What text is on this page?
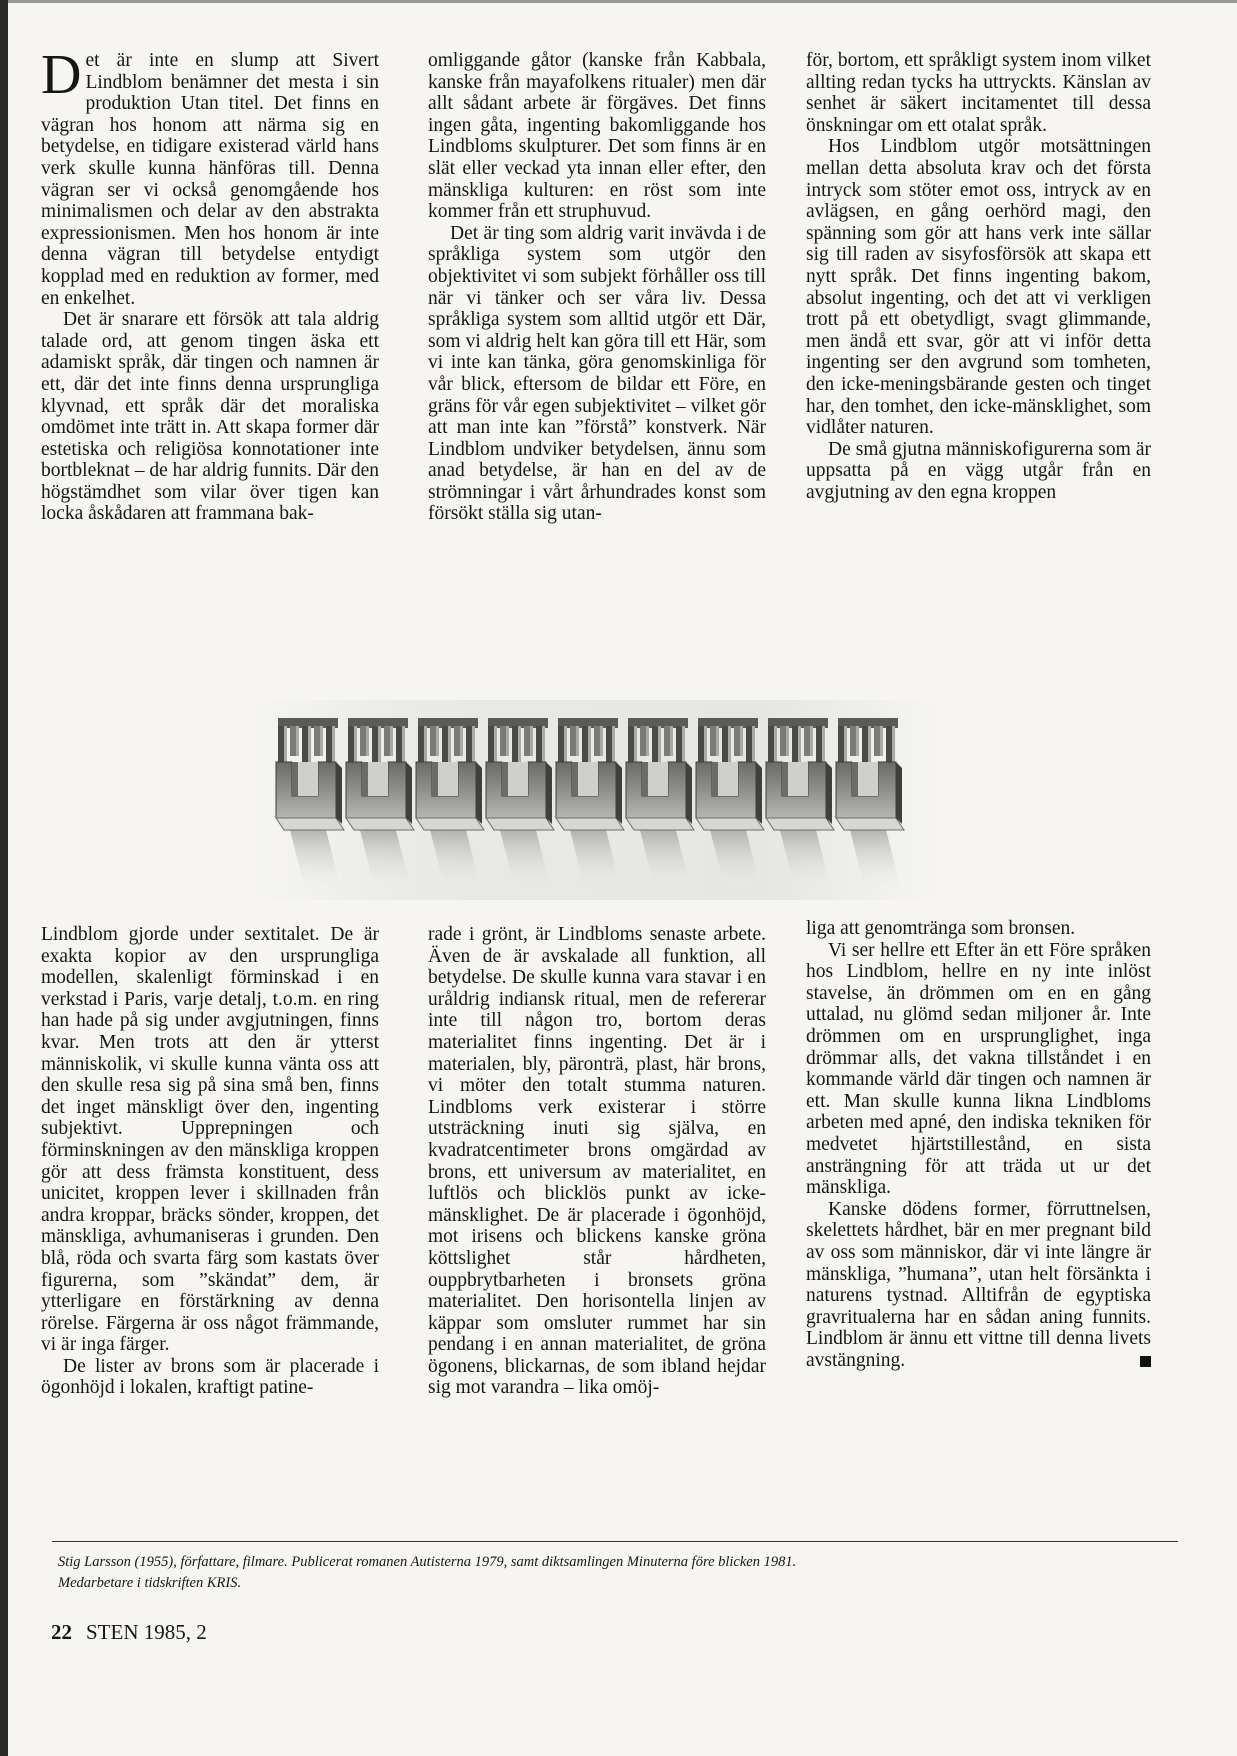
Det är inte en slump att Sivert Lindblom benämner det mesta i sin produktion Utan titel. Det finns en vägran hos honom att närma sig en betydelse, en tidigare existerad värld hans verk skulle kunna hänföras till. Denna vägran ser vi också genomgående hos minimalismen och delar av den abstrakta expressionismen. Men hos honom är inte denna vägran till betydelse entydigt kopplad med en reduktion av former, med en enkelhet.

Det är snarare ett försök att tala aldrig talade ord, att genom tingen äska ett adamiskt språk, där tingen och namnen är ett, där det inte finns denna ursprungliga klyvnad, ett språk där det moraliska omdömet inte trätt in. Att skapa former där estetiska och religiösa konnotationer inte bortbleknat – de har aldrig funnits. Där den högstämdhet som vilar över tigen kan locka åskådaren att frammana bak-

omliggande gåtor (kanske från Kabbala, kanske från mayafolkens ritualer) men där allt sådant arbete är förgäves. Det finns ingen gåta, ingenting bakomliggande hos Lindbloms skulpturer. Det som finns är en slät eller veckad yta innan eller efter, den mänskliga kulturen: en röst som inte kommer från ett struphuvud.

Det är ting som aldrig varit invävda i de språkliga system som utgör den objektivitet vi som subjekt förhåller oss till när vi tänker och ser våra liv. Dessa språkliga system som alltid utgör ett Där, som vi aldrig helt kan göra till ett Här, som vi inte kan tänka, göra genomskinliga för vår blick, eftersom de bildar ett Före, en gräns för vår egen subjektivitet – vilket gör att man inte kan ”förstå” konstverk. När Lindblom undviker betydelsen, ännu som anad betydelse, är han en del av de strömningar i vårt århundrades konst som försökt ställa sig utan-

för, bortom, ett språkligt system inom vilket allting redan tycks ha uttryckts. Känslan av senhet är säkert incitamentet till dessa önskningar om ett otalat språk.

Hos Lindblom utgör motsättningen mellan detta absoluta krav och det första intryck som stöter emot oss, intryck av en avlägsen, en gång oerhörd magi, den spänning som gör att hans verk inte sällar sig till raden av sisyfosförsök att skapa ett nytt språk. Det finns ingenting bakom, absolut ingenting, och det att vi verkligen trott på ett obetydligt, svagt glimmande, men ändå ett svar, gör att vi inför detta ingenting ser den avgrund som tomheten, den icke-meningsbärande gesten och tinget har, den tomhet, den icke-mänsklighet, som vidlåter naturen.

De små gjutna människofigurerna som är uppsatta på en vägg utgår från en avgjutning av den egna kroppen

Lindblom gjorde under sextitalet. De är exakta kopior av den ursprungliga modellen, skalenligt förminskad i en verkstad i Paris, varje detalj, t.o.m. en ring han hade på sig under avgjutningen, finns kvar. Men trots att den är ytterst människolik, vi skulle kunna vänta oss att den skulle resa sig på sina små ben, finns det inget mänskligt över den, ingenting subjektivt. Upprepningen och förminskningen av den mänskliga kroppen gör att dess främsta konstituent, dess unicitet, kroppen lever i skillnaden från andra kroppar, bräcks sönder, kroppen, det mänskliga, avhumaniseras i grunden. Den blå, röda och svarta färg som kastats över figurerna, som ”skändat” dem, är ytterligare en förstärkning av denna rörelse. Färgerna är oss något främmande, vi är inga färger.

De lister av brons som är placerade i ögonhöjd i lokalen, kraftigt patine-

rade i grönt, är Lindbloms senaste arbete. Även de är avskalade all funktion, all betydelse. De skulle kunna vara stavar i en uråldrig indiansk ritual, men de refererar inte till någon tro, bortom deras materialitet finns ingenting. Det är i materialen, bly, päronträ, plast, här brons, vi möter den totalt stumma naturen. Lindbloms verk existerar i större utsträckning inuti sig själva, en kvadratcentimeter brons omgärdad av brons, ett universum av materialitet, en luftlös och blicklös punkt av icke-mänsklighet. De är placerade i ögonhöjd, mot irisens och blickens kanske gröna köttslighet står hårdheten, ouppbrytbarheten i bronsets gröna materialitet. Den horisontella linjen av käppar som omsluter rummet har sin pendang i en annan materialitet, de gröna ögonens, blickarnas, de som ibland hejdar sig mot varandra – lika omöj-

liga att genomtränga som bronsen.

Vi ser hellre ett Efter än ett Före språken hos Lindblom, hellre en ny inte inlöst stavelse, än drömmen om en en gång uttalad, nu glömd sedan miljoner år. Inte drömmen om en ursprunglighet, inga drömmar alls, det vakna tillståndet i en kommande värld där tingen och namnen är ett. Man skulle kunna likna Lindbloms arbeten med apné, den indiska tekniken för medvetet hjärtstillestånd, en sista ansträngning för att träda ut ur det mänskliga.

Kanske dödens former, förruttnelsen, skelettets hårdhet, bär en mer pregnant bild av oss som människor, där vi inte längre är mänskliga, ”humana”, utan helt försänkta i naturens tystnad. Alltifrån de egyptiska gravritualerna har en sådan aning funnits. Lindblom är ännu ett vittne till denna livets avstängning.

Stig Larsson (1955), författare, filmare. Publicerat romanen Autisterna 1979, samt diktsamlingen Minuterna före blicken 1981.
Medarbetare i tidskriften KRIS.
22 STEN 1985, 2
